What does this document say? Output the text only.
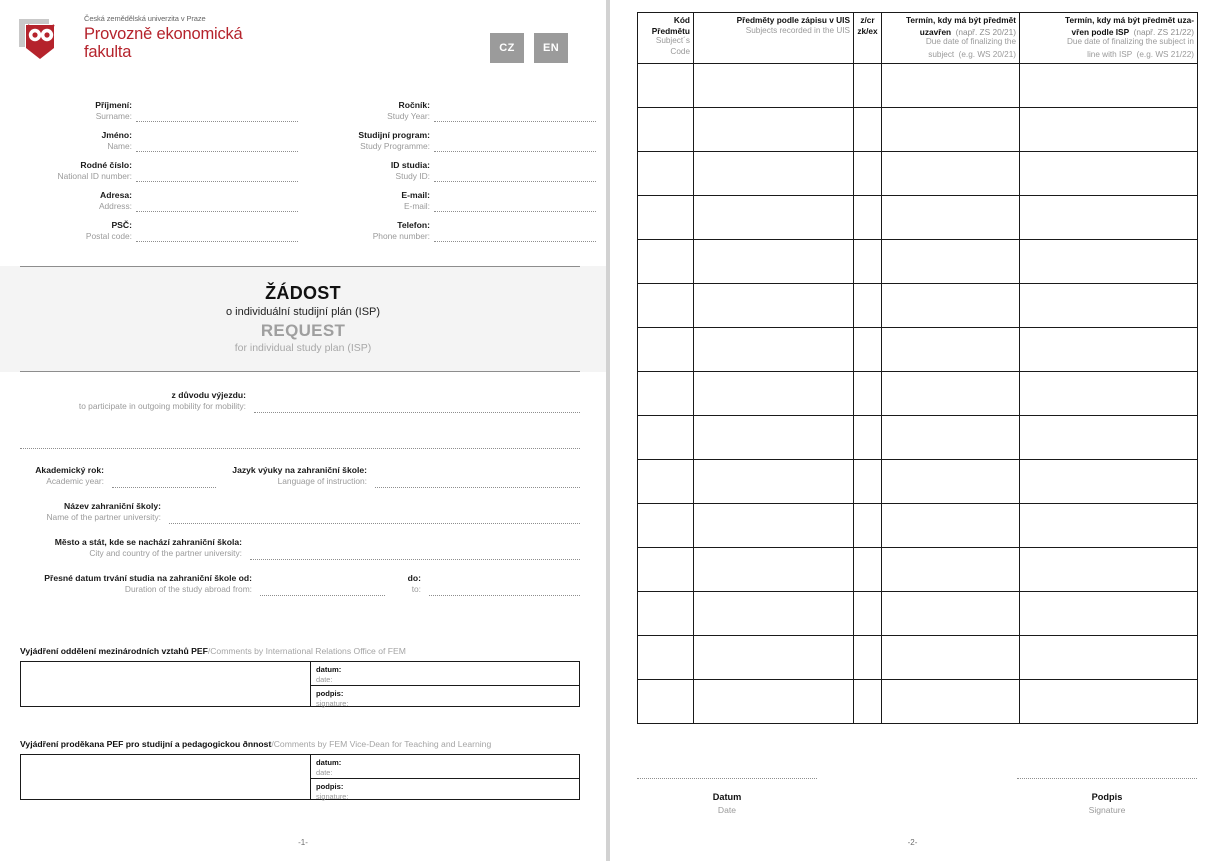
Česká zemědělská univerzita v Praze
Provozně ekonomická
fakulta	CZ	EN
Příjmení:
Surname:
Jméno:
Name:
Rodné číslo:
National ID number:
Adresa:
Address:
PSČ:
Postal code:
Ročník:
Study Year:
Studijní program:
Study Programme:
ID studia:
Study ID:
E-mail:
E-mail:
Telefon:
Phone number:
ŽÁDOST
o individuální studijní plán (ISP)
REQUEST
for individual study plan (ISP)
z důvodu výjezdu:
to participate in outgoing mobility for mobility:
Akademický rok:
Academic year:
Jazyk výuky na zahraniční škole:
Language of instruction:
Název zahraniční školy:
Name of the partner university:
Město a stát, kde se nachází zahraniční škola:
City and country of the partner university:
Přesné datum trvání studia na zahraniční škole od:
Duration of the study abroad from:
do:
to:
Vyjádření oddělení mezinárodních vztahů PEF/Comments by International Relations Office of FEM
datum:
date:
podpis:
signature:
Vyjádření proděkana PEF pro studijní a pedagogickou ðnnost/Comments by FEM Vice-Dean for Teaching and Learning
datum:
date:
podpis:
signature:
-1-
Kód
Předmětu
Subject´s
Code

Předměty podle zápisu v UIS
Subjects recorded in the UIS

z/cr
zk/ex

Termín, kdy má být předmět
uzavřen (např. ZS 20/21)
Due date of finalizing the
subject (e.g. WS 20/21)

Termín, kdy má být předmět uza-
vřen podle ISP (např. ZS 21/22)
Due date of finalizing the subject in
line with ISP (e.g. WS 21/22)

Datum
Date
Podpis
Signature
-2-
